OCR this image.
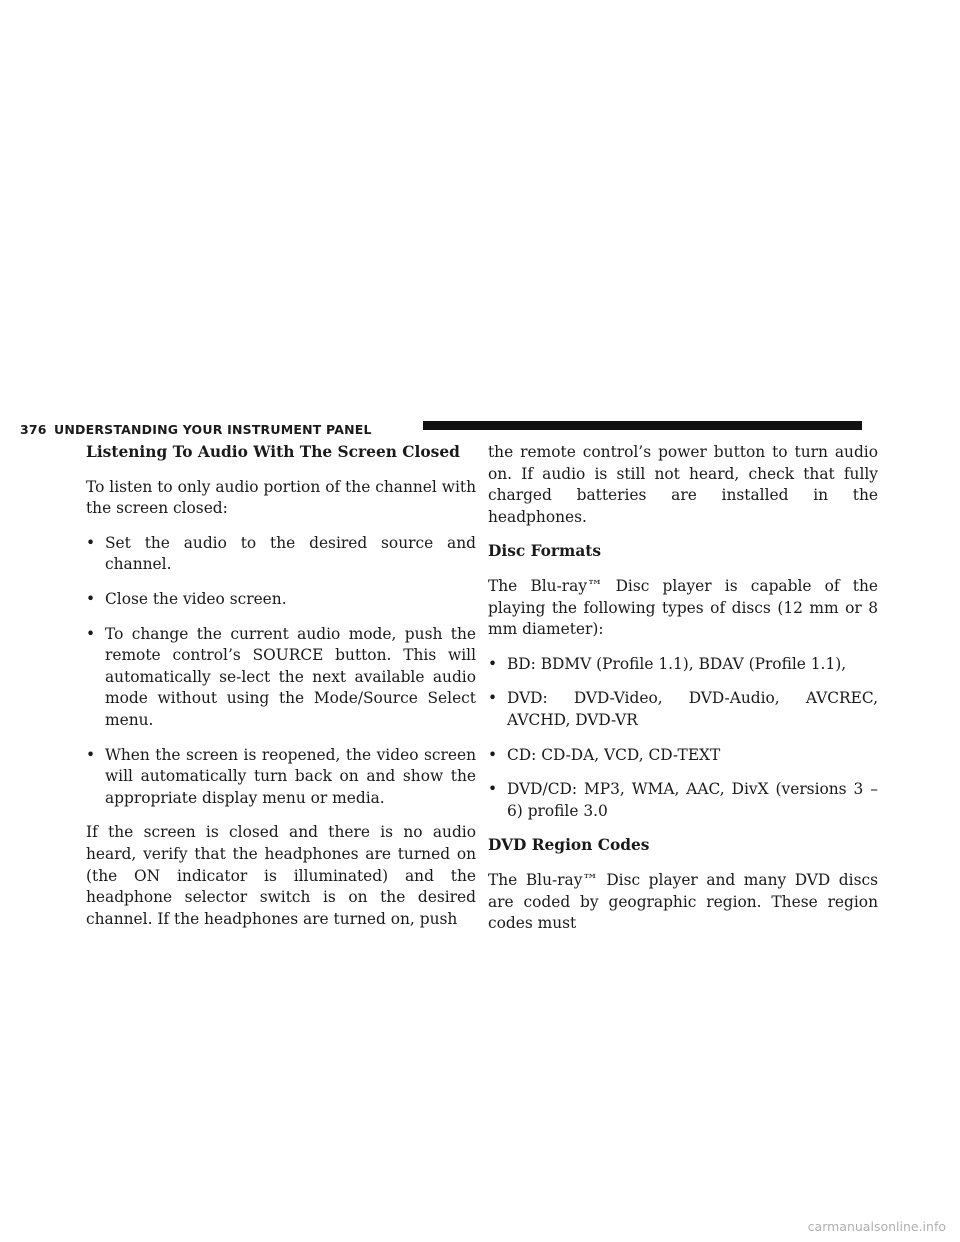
376 UNDERSTANDING YOUR INSTRUMENT PANEL

Listening To Audio With The Screen Closed

To listen to only audio portion of the channel with the screen closed:

• Set the audio to the desired source and channel.
• Close the video screen.
• To change the current audio mode, push the remote control’s SOURCE button. This will automatically se-lect the next available audio mode without using the Mode/Source Select menu.
• When the screen is reopened, the video screen will automatically turn back on and show the appropriate display menu or media.

If the screen is closed and there is no audio heard, verify that the headphones are turned on (the ON indicator is illuminated) and the headphone selector switch is on the desired channel. If the headphones are turned on, push

the remote control’s power button to turn audio on. If audio is still not heard, check that fully charged batteries are installed in the headphones.

Disc Formats

The Blu-ray™ Disc player is capable of the playing the following types of discs (12 mm or 8 mm diameter):

• BD: BDMV (Profile 1.1), BDAV (Profile 1.1),
• DVD: DVD-Video, DVD-Audio, AVCREC, AVCHD, DVD-VR
• CD: CD-DA, VCD, CD-TEXT
• DVD/CD: MP3, WMA, AAC, DivX (versions 3 – 6) profile 3.0

DVD Region Codes

The Blu-ray™ Disc player and many DVD discs are coded by geographic region. These region codes must

carmanualsonline.info
